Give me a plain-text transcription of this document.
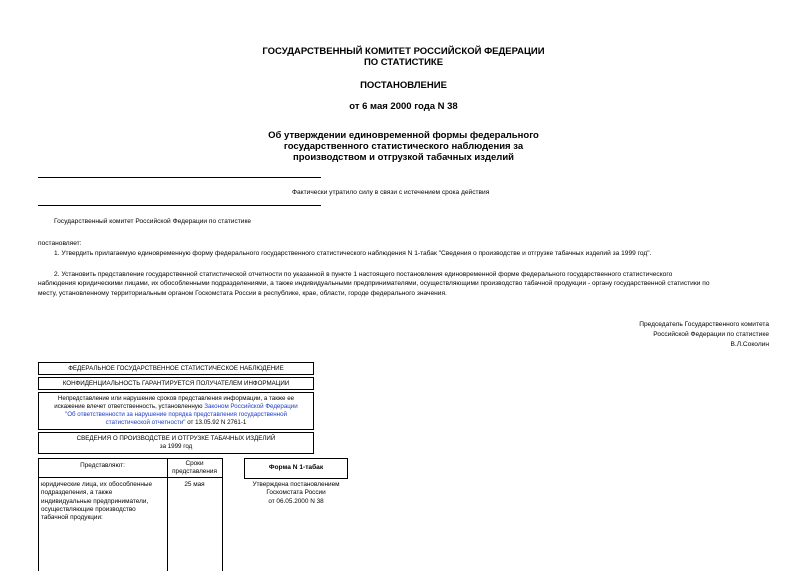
ГОСУДАРСТВЕННЫЙ КОМИТЕТ РОССИЙСКОЙ ФЕДЕРАЦИИ
ПО СТАТИСТИКЕ
ПОСТАНОВЛЕНИЕ
от 6 мая 2000 года N 38
Об утверждении единовременной формы федерального
государственного статистического наблюдения за
производством и отгрузкой табачных изделий
Фактически утратило силу в связи с истечением срока действия
Государственный комитет Российской Федерации по статистике
постановляет:
1. Утвердить прилагаемую единовременную форму федерального государственного статистического наблюдения N 1-табак "Сведения о производстве и отгрузке табачных изделий за 1999 год".
2. Установить представление государственной статистической отчетности по указанной в пункте 1 настоящего постановления единовременной форме федерального государственного статистического
наблюдения юридическими лицами, их обособленными подразделениями, а также индивидуальными предпринимателями, осуществляющими производство табачной продукции - органу государственной статистики по
месту, установленному территориальным органом Госкомстата России в республике, крае, области, городе федерального значения.
Председатель Государственного комитета
Российской Федерации по статистике
В.Л.Соколин
ФЕДЕРАЛЬНОЕ ГОСУДАРСТВЕННОЕ СТАТИСТИЧЕСКОЕ НАБЛЮДЕНИЕ
КОНФИДЕНЦИАЛЬНОСТЬ ГАРАНТИРУЕТСЯ ПОЛУЧАТЕЛЕМ ИНФОРМАЦИИ
Непредставление или нарушение сроков представления информации, а также ее
искажение влечет ответственность, установленную Законом Российской Федерации
"Об ответственности за нарушение порядка представления государственной
статистической отчетности" от 13.05.92 N 2761-1
СВЕДЕНИЯ О ПРОИЗВОДСТВЕ И ОТГРУЗКЕ ТАБАЧНЫХ ИЗДЕЛИЙ
за 1999 год
Представляют:	Сроки
представления
юридические лица, их обособленные
подразделения, а также
индивидуальные предприниматели,
осуществляющие производство
табачной продукции:
25 мая
Форма N 1-табак
Утверждена постановлением
Госкомстата России
от 06.05.2000 N 38
